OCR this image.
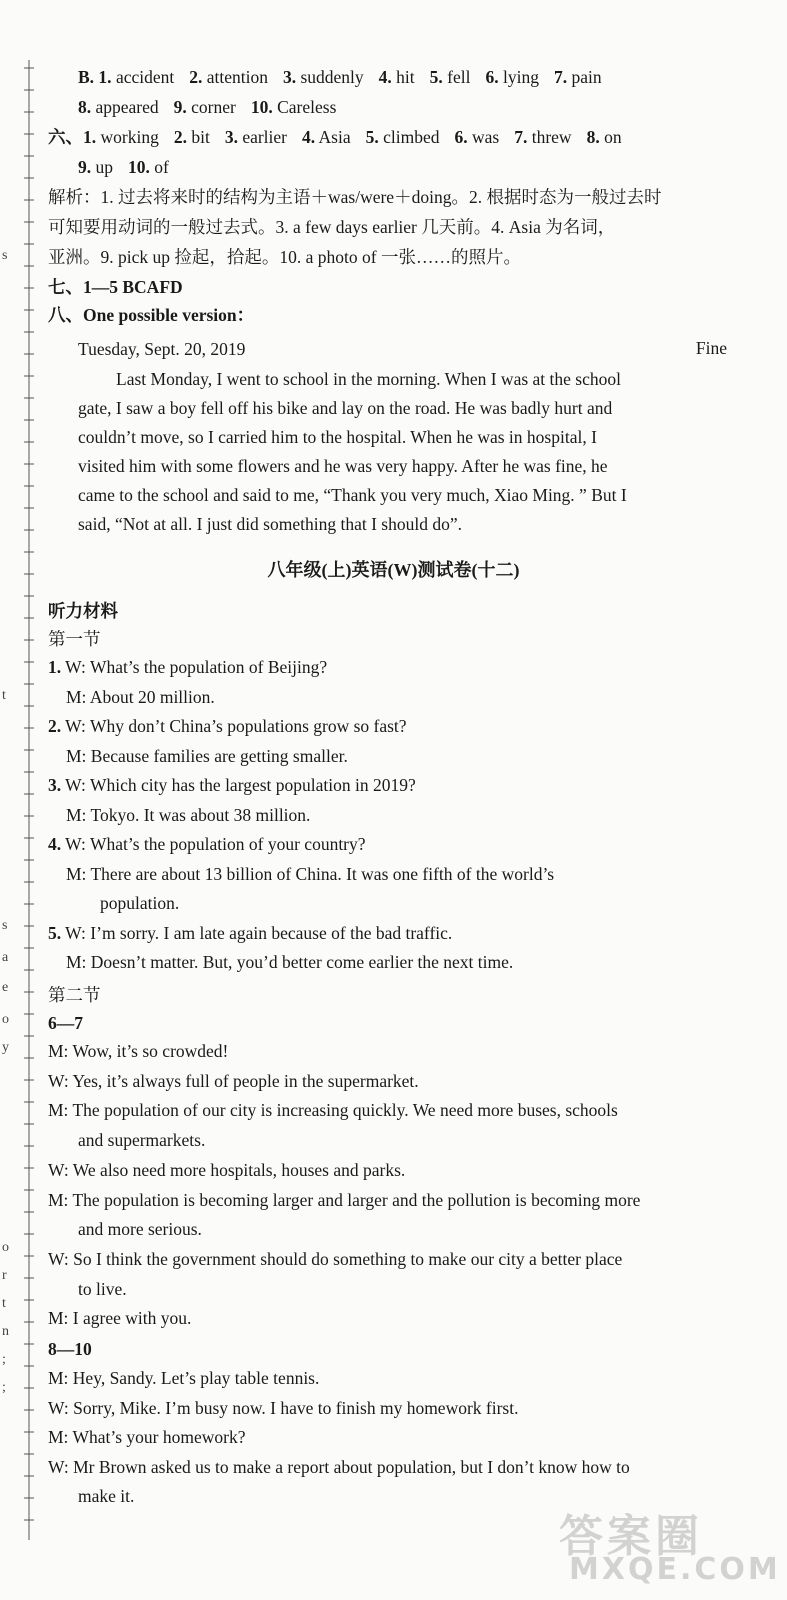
s
t
s
a
e
o
y
o
r
t
n
;
;
B. 1. accident 2. attention 3. suddenly 4. hit 5. fell 6. lying 7. pain
8. appeared 9. corner 10. Careless
六、1. working 2. bit 3. earlier 4. Asia 5. climbed 6. was 7. threw 8. on
9. up 10. of
解析：1. 过去将来时的结构为主语＋was/were＋doing。2. 根据时态为一般过去时
可知要用动词的一般过去式。3. a few days earlier 几天前。4. Asia 为名词，
亚洲。9. pick up 捡起，拾起。10. a photo of 一张……的照片。
七、1—5 BCAFD
八、One possible version：
Tuesday, Sept. 20, 2019	Fine
Last Monday, I went to school in the morning. When I was at the school
gate, I saw a boy fell off his bike and lay on the road. He was badly hurt and
couldn’t move, so I carried him to the hospital. When he was in hospital, I
visited him with some flowers and he was very happy. After he was fine, he
came to the school and said to me, “Thank you very much, Xiao Ming. ” But I
said, “Not at all. I just did something that I should do”.
八年级(上)英语(W)测试卷(十二)
听力材料
第一节
1. W: What’s the population of Beijing?
M: About 20 million.
2. W: Why don’t China’s populations grow so fast?
M: Because families are getting smaller.
3. W: Which city has the largest population in 2019?
M: Tokyo. It was about 38 million.
4. W: What’s the population of your country?
M: There are about 13 billion of China. It was one fifth of the world’s
population.
5. W: I’m sorry. I am late again because of the bad traffic.
M: Doesn’t matter. But, you’d better come earlier the next time.
第二节
6—7
M: Wow, it’s so crowded!
W: Yes, it’s always full of people in the supermarket.
M: The population of our city is increasing quickly. We need more buses, schools
and supermarkets.
W: We also need more hospitals, houses and parks.
M: The population is becoming larger and larger and the pollution is becoming more
and more serious.
W: So I think the government should do something to make our city a better place
to live.
M: I agree with you.
8—10
M: Hey, Sandy. Let’s play table tennis.
W: Sorry, Mike. I’m busy now. I have to finish my homework first.
M: What’s your homework?
W: Mr Brown asked us to make a report about population, but I don’t know how to
make it.
答案圈
MXQE.COM
